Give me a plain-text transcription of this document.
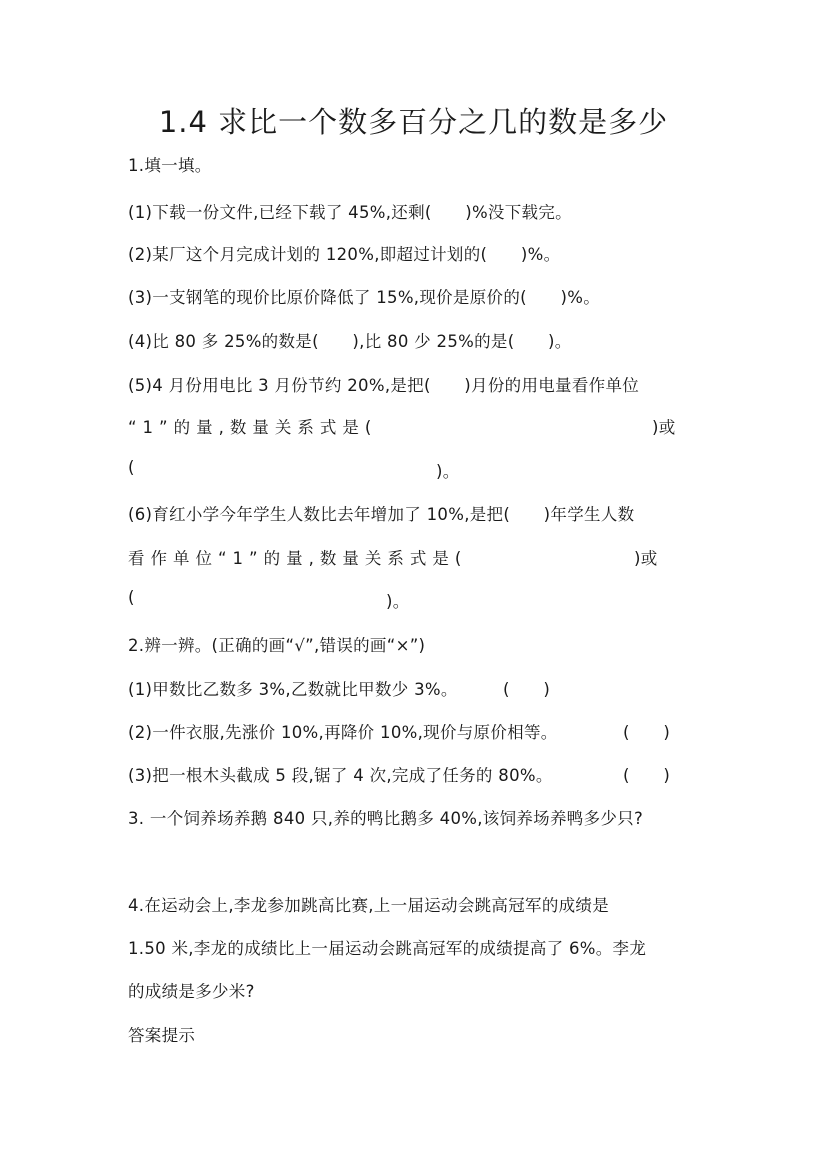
1.4 求比一个数多百分之几的数是多少
1.填一填。
(1)下载一份文件,已经下载了 45%,还剩(　　)%没下载完。
(2)某厂这个月完成计划的 120%,即超过计划的(　　)%。
(3)一支钢笔的现价比原价降低了 15%,现价是原价的(　　)%。
(4)比 80 多 25%的数是(　　),比 80 少 25%的是(　　)。
(5)4 月份用电比 3 月份节约 20%,是把(　　)月份的用电量看作单位
“1”的量,数量关系式是(	)或
(	)。
(6)育红小学今年学生人数比去年增加了 10%,是把(　　)年学生人数
看作单位“1”的量,数量关系式是(	)或
(	)。
2.辨一辨。(正确的画“√”,错误的画“×”)
(1)甲数比乙数多 3%,乙数就比甲数少 3%。	(　　)
(2)一件衣服,先涨价 10%,再降价 10%,现价与原价相等。	(　　)
(3)把一根木头截成 5 段,锯了 4 次,完成了任务的 80%。	(　　)
3. 一个饲养场养鹅 840 只,养的鸭比鹅多 40%,该饲养场养鸭多少只?
4.在运动会上,李龙参加跳高比赛,上一届运动会跳高冠军的成绩是
1.50 米,李龙的成绩比上一届运动会跳高冠军的成绩提高了 6%。李龙
的成绩是多少米?
答案提示
